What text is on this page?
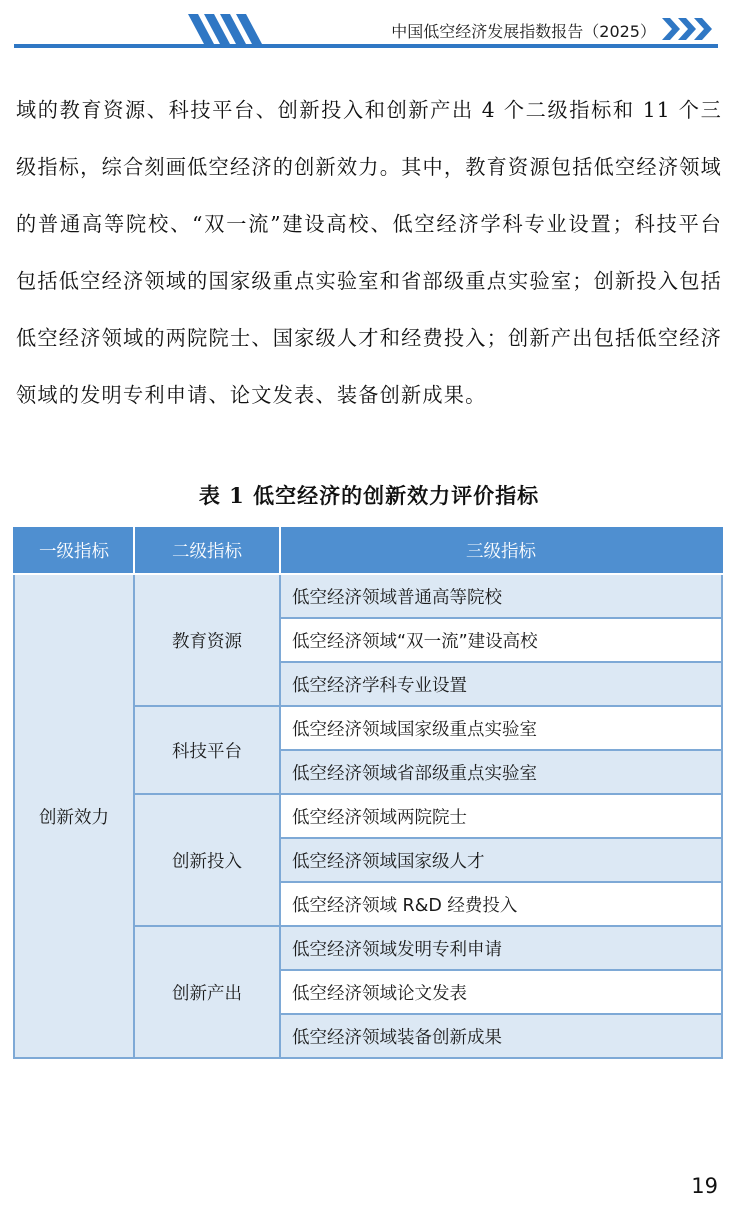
中国低空经济发展指数报告（2025）

域的教育资源、科技平台、创新投入和创新产出 4 个二级指标和 11 个三级指标，综合刻画低空经济的创新效力。其中，教育资源包括低空经济领域的普通高等院校、“双一流”建设高校、低空经济学科专业设置；科技平台包括低空经济领域的国家级重点实验室和省部级重点实验室；创新投入包括低空经济领域的两院院士、国家级人才和经费投入；创新产出包括低空经济领域的发明专利申请、论文发表、装备创新成果。

表 1 低空经济的创新效力评价指标
一级指标	二级指标	三级指标
创新效力	教育资源	低空经济领域普通高等院校
		低空经济领域“双一流”建设高校
		低空经济学科专业设置
	科技平台	低空经济领域国家级重点实验室
		低空经济领域省部级重点实验室
	创新投入	低空经济领域两院院士
		低空经济领域国家级人才
		低空经济领域 R&D 经费投入
	创新产出	低空经济领域发明专利申请
		低空经济领域论文发表
		低空经济领域装备创新成果
19
